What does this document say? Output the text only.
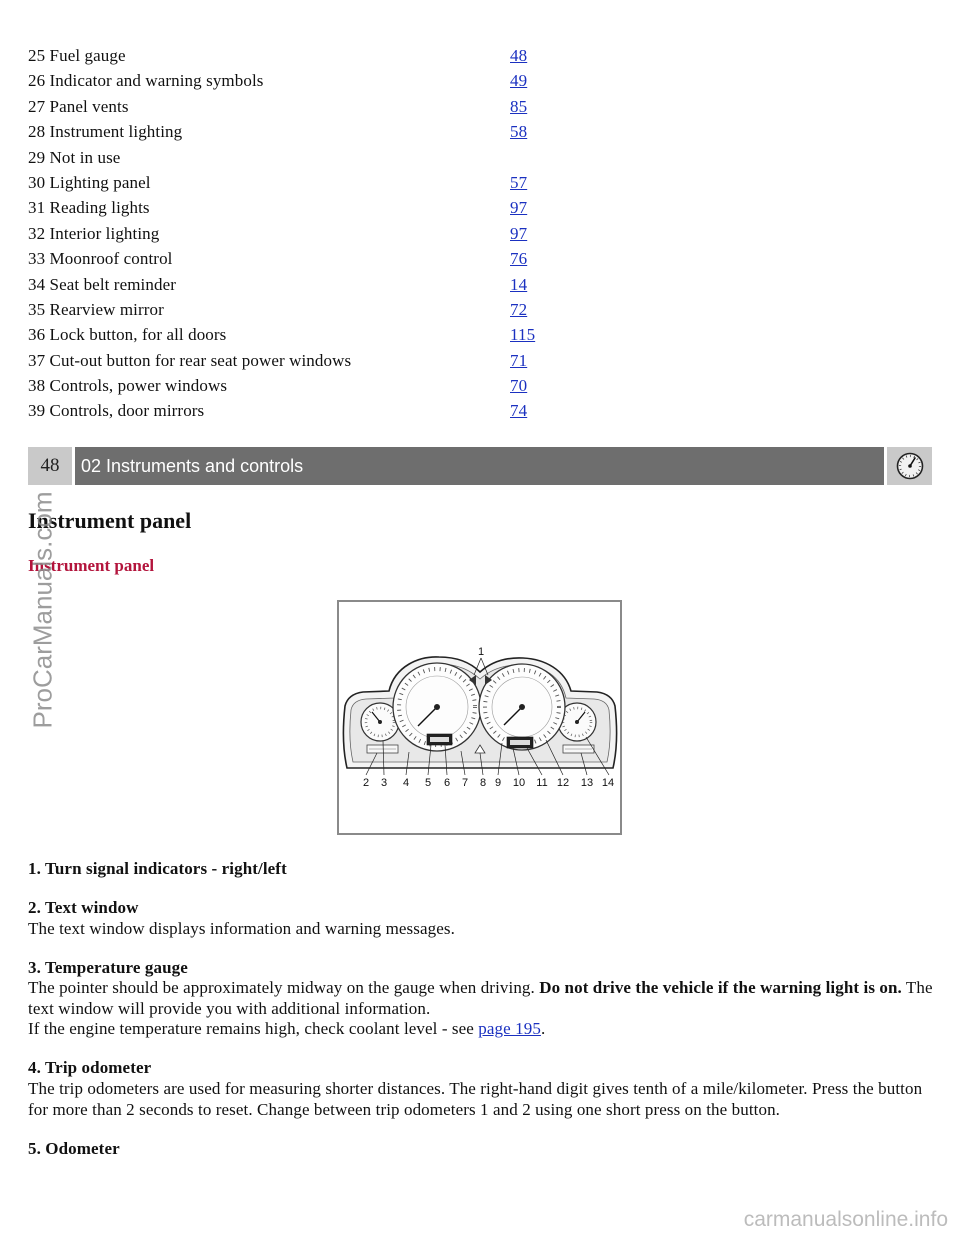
25 Fuel gauge	48
26 Indicator and warning symbols	49
27 Panel vents	85
28 Instrument lighting	58
29 Not in use
30 Lighting panel	57
31 Reading lights	97
32 Interior lighting	97
33 Moonroof control	76
34 Seat belt reminder	14
35 Rearview mirror	72
36 Lock button, for all doors	115
37 Cut-out button for rear seat power windows	71
38 Controls, power windows	70
39 Controls, door mirrors	74
48	02 Instruments and controls
Instrument panel
Instrument panel
1
2 3 4 5 6 7 8 9 10 11 12 13 14
1. Turn signal indicators - right/left
2. Text window
The text window displays information and warning messages.
3. Temperature gauge
The pointer should be approximately midway on the gauge when driving. Do not drive the vehicle if the warning light is on. The text window will provide you with additional information.
If the engine temperature remains high, check coolant level - see page 195.
4. Trip odometer
The trip odometers are used for measuring shorter distances. The right-hand digit gives tenth of a mile/kilometer. Press the button for more than 2 seconds to reset. Change between trip odometers 1 and 2 using one short press on the button.
5. Odometer
ProCarManuals.com
carmanualsonline.info
